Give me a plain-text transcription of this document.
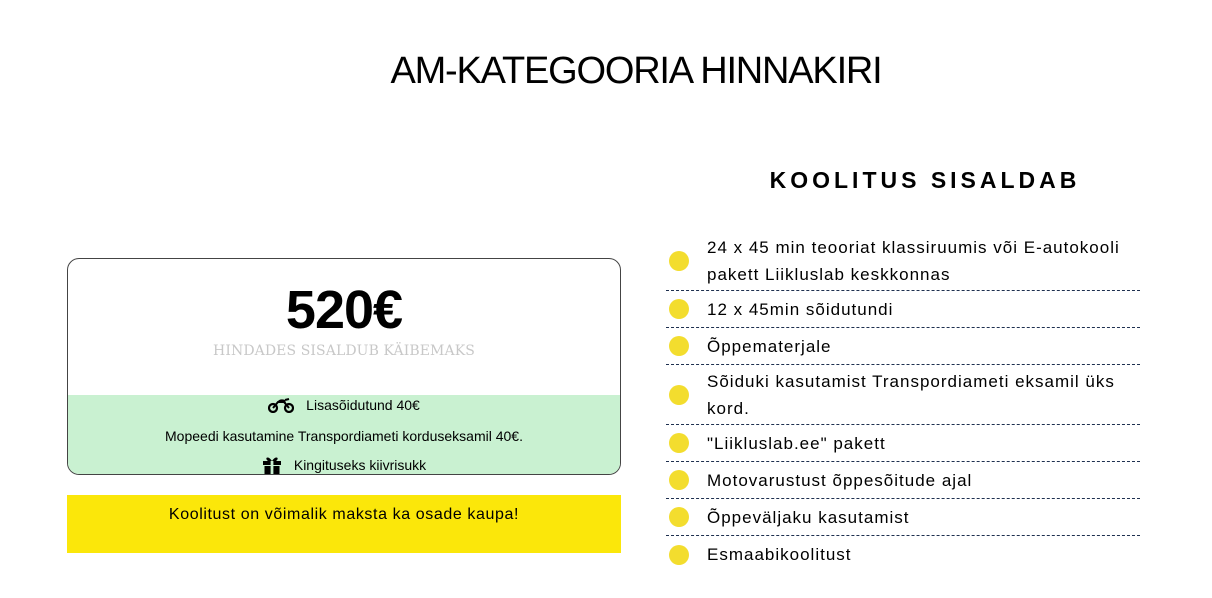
AM-KATEGOORIA HINNAKIRI
520€
HINDADES SISALDUB KÄIBEMAKS
Lisasõidutund 40€
Mopeedi kasutamine Transpordiameti korduseksamil 40€.
Kingituseks kiivrisukk
Koolitust on võimalik maksta ka osade kaupa!
KOOLITUS SISALDAB
24 x 45 min teooriat klassiruumis või E-autokooli pakett Liikluslab keskkonnas
12 x 45min sõidutundi
Õppematerjale
Sõiduki kasutamist Transpordiameti eksamil üks kord.
"Liikluslab.ee" pakett
Motovarustust õppesõitude ajal
Õppeväljaku kasutamist
Esmaabikoolitust
